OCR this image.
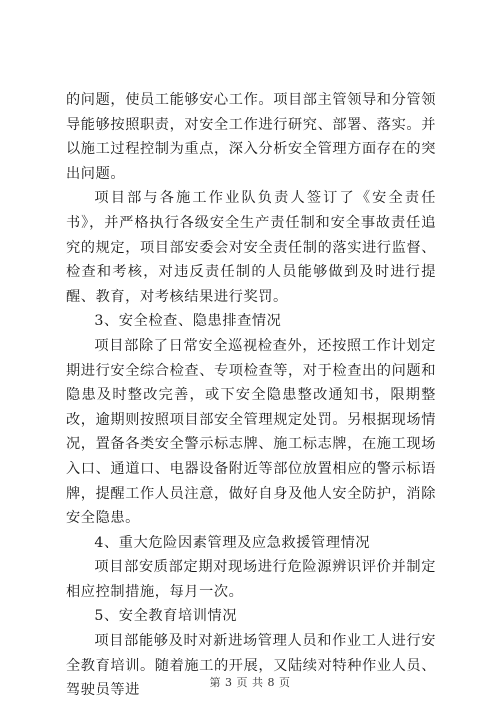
的问题，使员工能够安心工作。项目部主管领导和分管领导能够按照职责，对安全工作进行研究、部署、落实。并以施工过程控制为重点，深入分析安全管理方面存在的突出问题。

项目部与各施工作业队负责人签订了《安全责任书》，并严格执行各级安全生产责任制和安全事故责任追究的规定，项目部安委会对安全责任制的落实进行监督、检查和考核，对违反责任制的人员能够做到及时进行提醒、教育，对考核结果进行奖罚。

3、安全检查、隐患排查情况

项目部除了日常安全巡视检查外，还按照工作计划定期进行安全综合检查、专项检查等，对于检查出的问题和隐患及时整改完善，或下安全隐患整改通知书，限期整改，逾期则按照项目部安全管理规定处罚。另根据现场情况，置备各类安全警示标志牌、施工标志牌，在施工现场入口、通道口、电器设备附近等部位放置相应的警示标语牌，提醒工作人员注意，做好自身及他人安全防护，消除安全隐患。

4、重大危险因素管理及应急救援管理情况

项目部安质部定期对现场进行危险源辨识评价并制定相应控制措施，每月一次。

5、安全教育培训情况

项目部能够及时对新进场管理人员和作业工人进行安全教育培训。随着施工的开展，又陆续对特种作业人员、驾驶员等进	第 3 页 共 8 页
